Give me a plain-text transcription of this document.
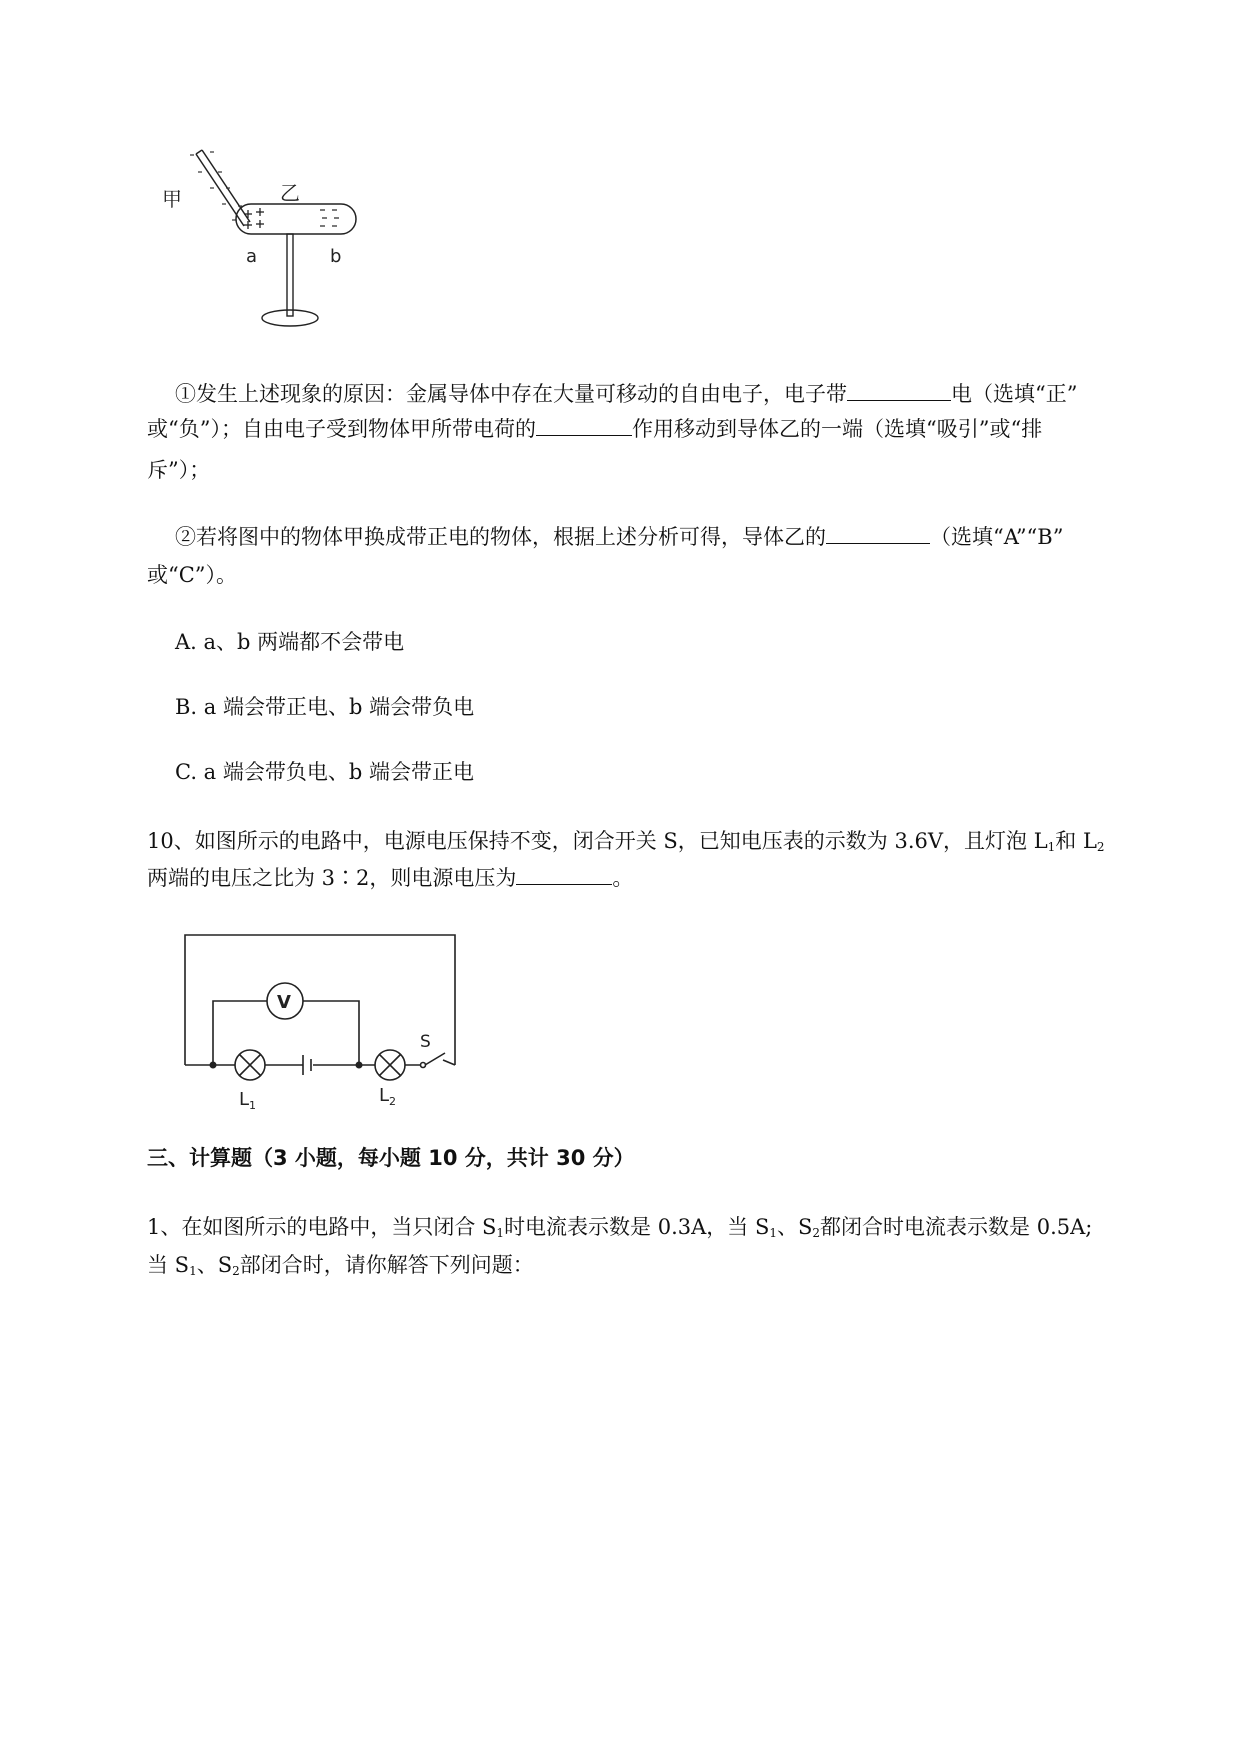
甲	乙
a	b
①发生上述现象的原因：金属导体中存在大量可移动的自由电子，电子带	电（选填“正”
或“负”）；自由电子受到物体甲所带电荷的	作用移动到导体乙的一端（选填“吸引”或“排
斥”）；
②若将图中的物体甲换成带正电的物体，根据上述分析可得，导体乙的	（选填“A”“B”
或“C”）。
A. a、b 两端都不会带电
B. a 端会带正电、b 端会带负电
C. a 端会带负电、b 端会带正电
10、如图所示的电路中，电源电压保持不变，闭合开关 S，已知电压表的示数为 3.6V，且灯泡 $L_1$和 $L_2$
两端的电压之比为 3∶2，则电源电压为	。
V
S
$L_1$	$L_2$
三、计算题（3 小题，每小题 10 分，共计 30 分）
1、在如图所示的电路中，当只闭合 $S_1$时电流表示数是 0.3A，当 $S_1$、$S_2$都闭合时电流表示数是 0.5A;
当 $S_1$、$S_2$部闭合时，请你解答下列问题：
